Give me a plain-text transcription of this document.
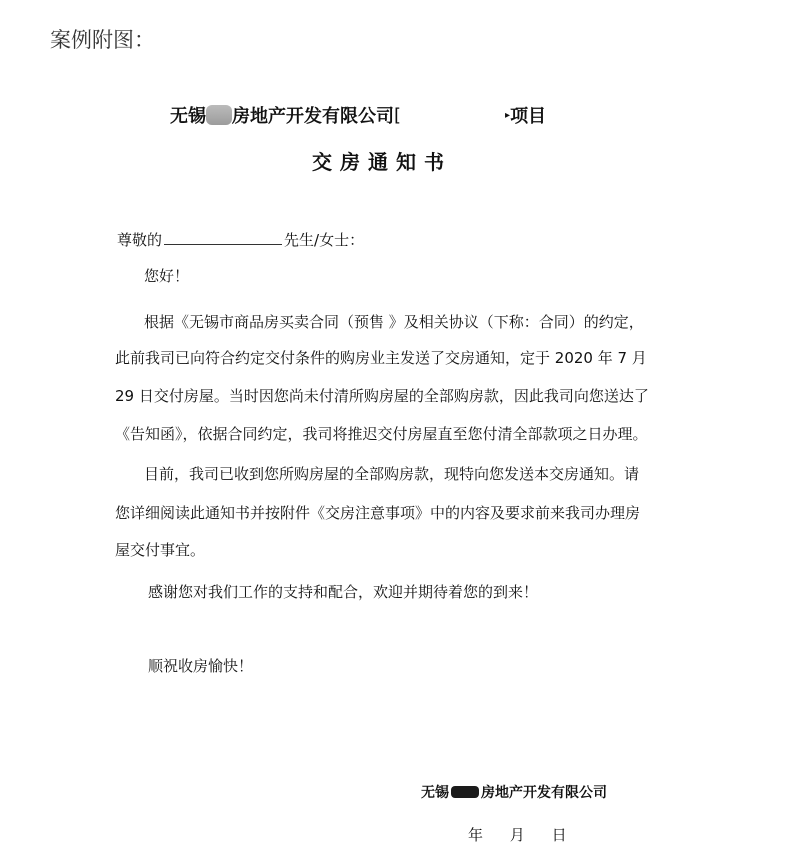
案例附图：
无锡 房地产开发有限公司 [	▸ 项目
交房通知书
尊敬的	先生/女士：
您好！
根据《无锡市商品房买卖合同（预售 》及相关协议（下称：合同）的约定，
此前我司已向符合约定交付条件的购房业主发送了交房通知，定于 2020 年 7 月
29 日交付房屋。当时因您尚未付清所购房屋的全部购房款，因此我司向您送达了
《告知函》，依据合同约定，我司将推迟交付房屋直至您付清全部款项之日办理。
目前，我司已收到您所购房屋的全部购房款，现特向您发送本交房通知。请
您详细阅读此通知书并按附件《交房注意事项》中的内容及要求前来我司办理房
屋交付事宜。
感谢您对我们工作的支持和配合，欢迎并期待着您的到来！
顺祝收房愉快！
无锡 房地产开发有限公司
年 月 日
